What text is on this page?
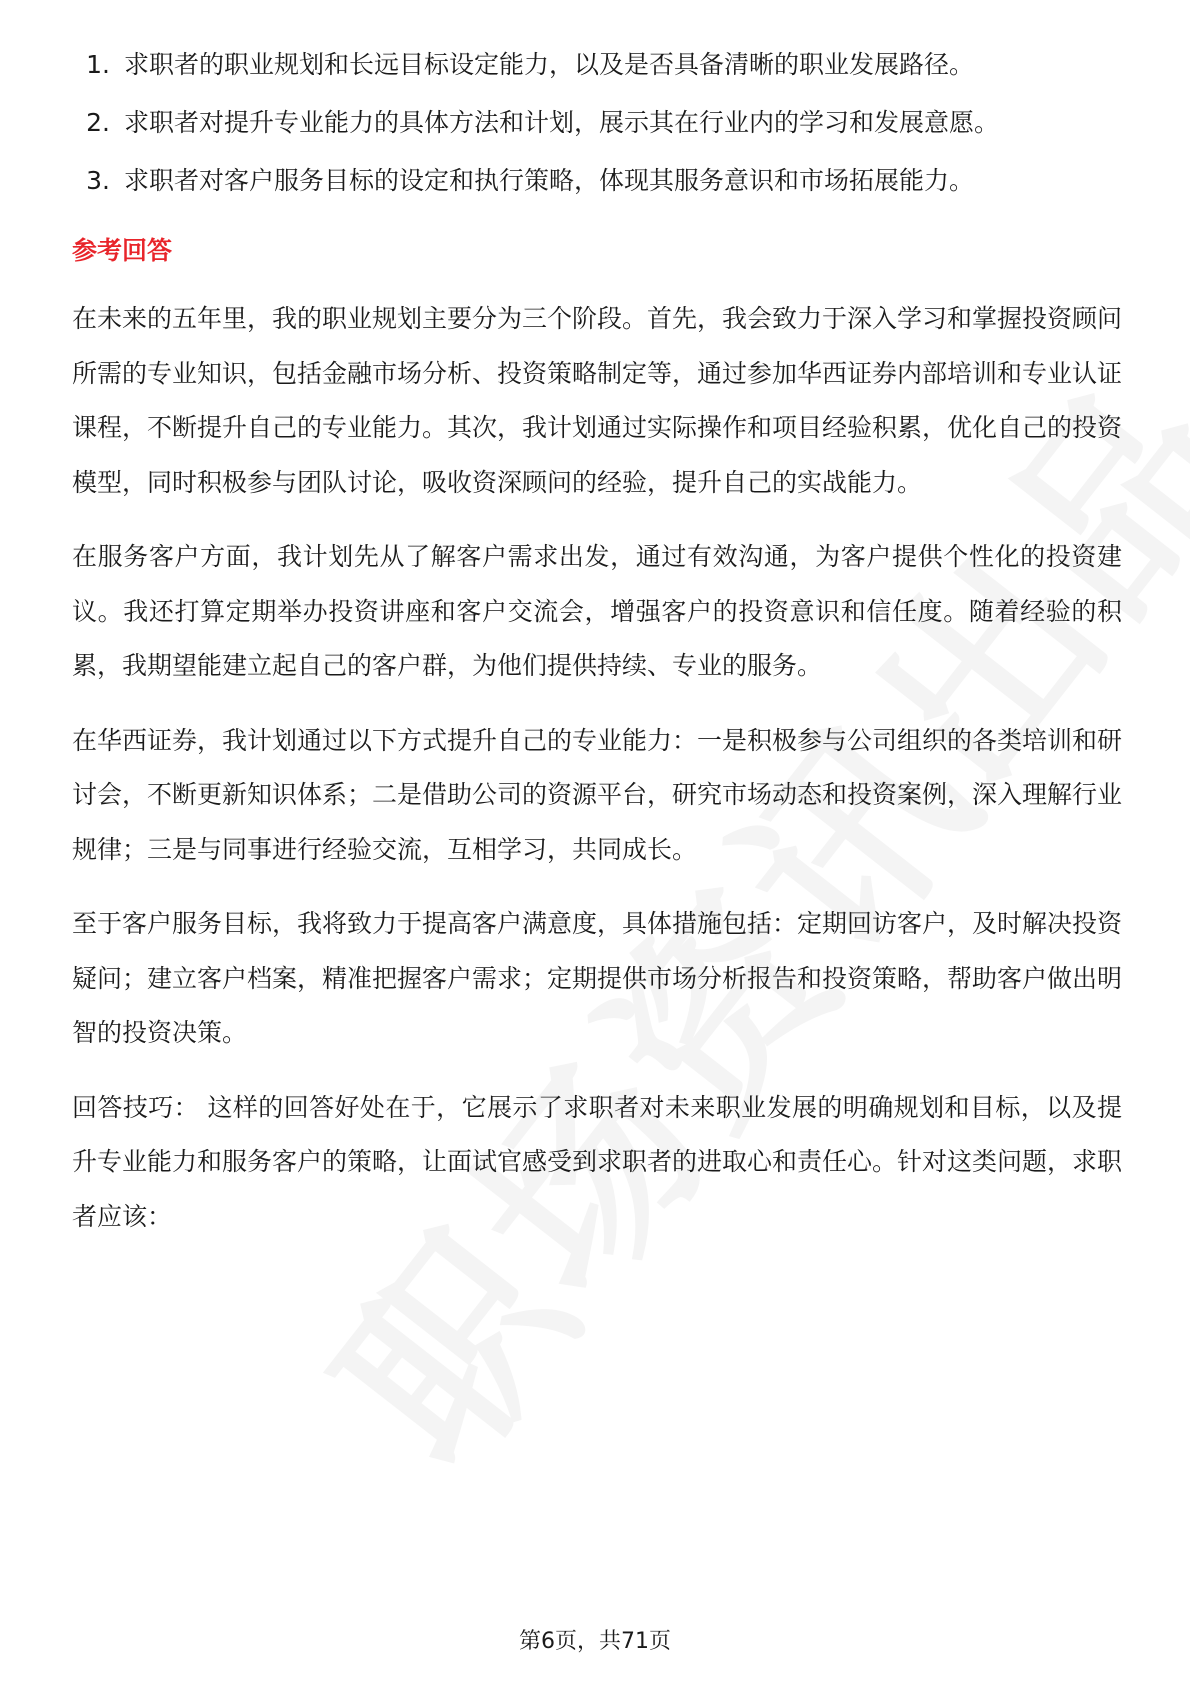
1. 求职者的职业规划和长远目标设定能力，以及是否具备清晰的职业发展路径。
2. 求职者对提升专业能力的具体方法和计划，展示其在行业内的学习和发展意愿。
3. 求职者对客户服务目标的设定和执行策略，体现其服务意识和市场拓展能力。
参考回答

在未来的五年里，我的职业规划主要分为三个阶段。首先，我会致力于深入学习和掌握投资顾问所需的专业知识，包括金融市场分析、投资策略制定等，通过参加华西证券内部培训和专业认证课程，不断提升自己的专业能力。其次，我计划通过实际操作和项目经验积累，优化自己的投资模型，同时积极参与团队讨论，吸收资深顾问的经验，提升自己的实战能力。

在服务客户方面，我计划先从了解客户需求出发，通过有效沟通，为客户提供个性化的投资建议。我还打算定期举办投资讲座和客户交流会，增强客户的投资意识和信任度。随着经验的积累，我期望能建立起自己的客户群，为他们提供持续、专业的服务。

在华西证券，我计划通过以下方式提升自己的专业能力：一是积极参与公司组织的各类培训和研讨会，不断更新知识体系；二是借助公司的资源平台，研究市场动态和投资案例，深入理解行业规律；三是与同事进行经验交流，互相学习，共同成长。

至于客户服务目标，我将致力于提高客户满意度，具体措施包括：定期回访客户，及时解决投资疑问；建立客户档案，精准把握客户需求；定期提供市场分析报告和投资策略，帮助客户做出明智的投资决策。

回答技巧： 这样的回答好处在于，它展示了求职者对未来职业发展的明确规划和目标，以及提升专业能力和服务客户的策略，让面试官感受到求职者的进取心和责任心。针对这类问题，求职者应该：

第6页，共71页
